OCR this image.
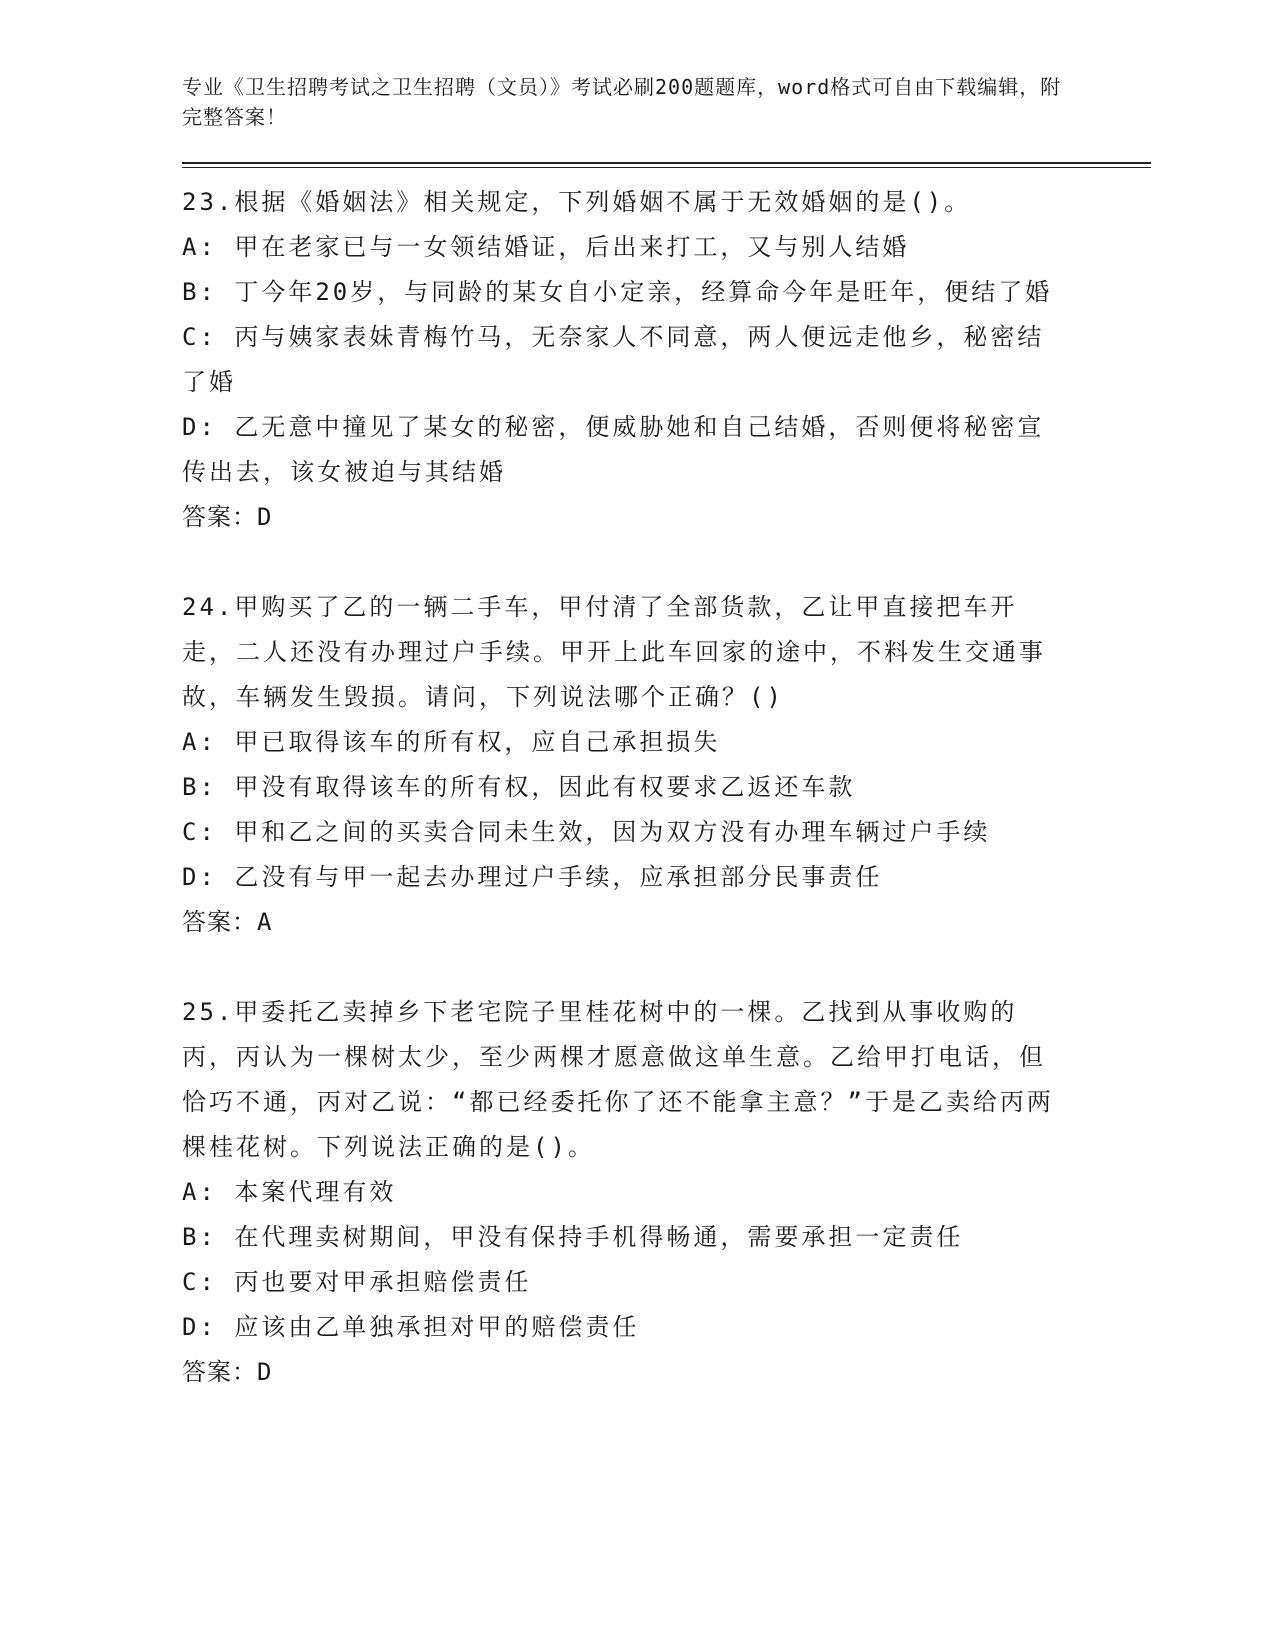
专业《卫生招聘考试之卫生招聘（文员）》考试必刷200题题库，word格式可自由下载编辑，附完整答案！

23.根据《婚姻法》相关规定，下列婚姻不属于无效婚姻的是()。

A: 甲在老家已与一女领结婚证，后出来打工，又与别人结婚

B: 丁今年20岁，与同龄的某女自小定亲，经算命今年是旺年，便结了婚

C: 丙与姨家表妹青梅竹马，无奈家人不同意，两人便远走他乡，秘密结了婚

D: 乙无意中撞见了某女的秘密，便威胁她和自己结婚，否则便将秘密宣传出去，该女被迫与其结婚

答案：D

24.甲购买了乙的一辆二手车，甲付清了全部货款，乙让甲直接把车开走，二人还没有办理过户手续。甲开上此车回家的途中，不料发生交通事故，车辆发生毁损。请问，下列说法哪个正确？()

A: 甲已取得该车的所有权，应自己承担损失

B: 甲没有取得该车的所有权，因此有权要求乙返还车款

C: 甲和乙之间的买卖合同未生效，因为双方没有办理车辆过户手续

D: 乙没有与甲一起去办理过户手续，应承担部分民事责任

答案：A

25.甲委托乙卖掉乡下老宅院子里桂花树中的一棵。乙找到从事收购的丙，丙认为一棵树太少，至少两棵才愿意做这单生意。乙给甲打电话，但恰巧不通，丙对乙说：“都已经委托你了还不能拿主意？”于是乙卖给丙两棵桂花树。下列说法正确的是()。

A: 本案代理有效

B: 在代理卖树期间，甲没有保持手机得畅通，需要承担一定责任

C: 丙也要对甲承担赔偿责任

D: 应该由乙单独承担对甲的赔偿责任

答案：D
